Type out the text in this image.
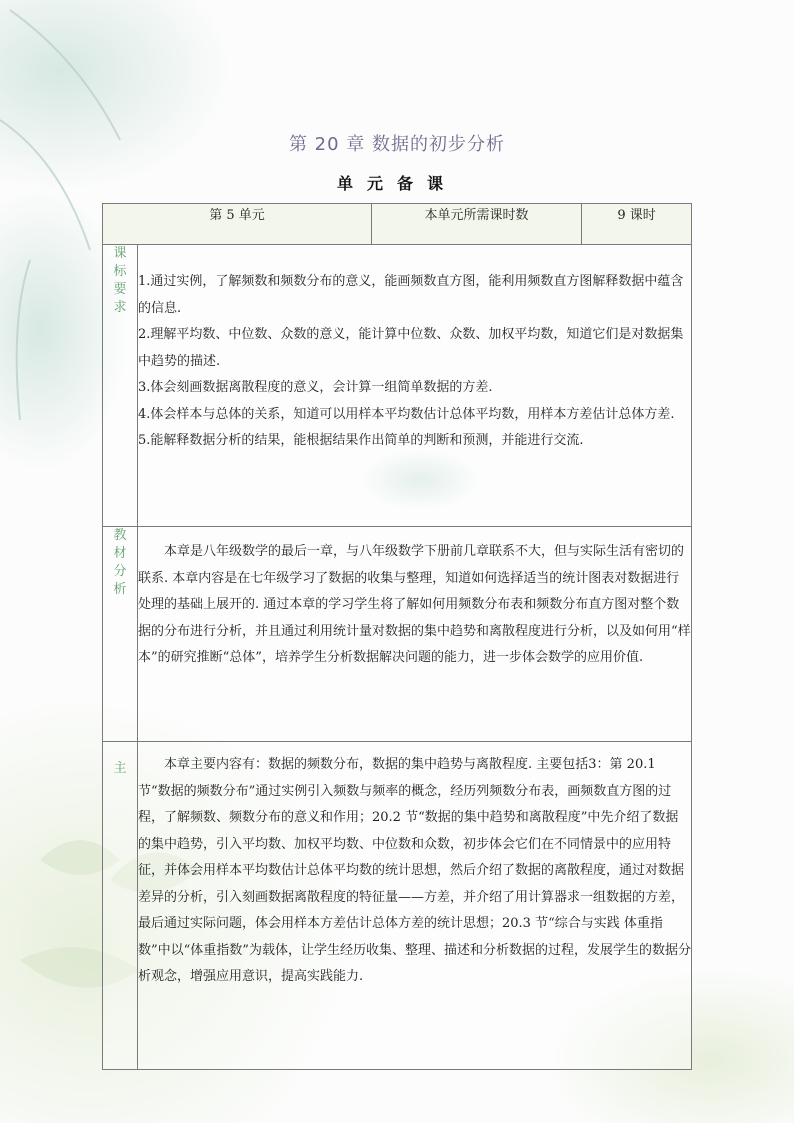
第 20 章 数据的初步分析
单元备课
第 5 单元		本单元所需课时数	9 课时
课标要求	1.通过实例，了解频数和频数分布的意义，能画频数直方图，能利用频数直方图解释数据中蕴含的信息.

2.理解平均数、中位数、众数的意义，能计算中位数、众数、加权平均数，知道它们是对数据集中趋势的描述.

3.体会刻画数据离散程度的意义，会计算一组简单数据的方差.

4.体会样本与总体的关系，知道可以用样本平均数估计总体平均数，用样本方差估计总体方差.

5.能解释数据分析的结果，能根据结果作出简单的判断和预测，并能进行交流.		

教材分析	本章是八年级数学的最后一章，与八年级数学下册前几章联系不大，但与实际生活有密切的联系. 本章内容是在七年级学习了数据的收集与整理，知道如何选择适当的统计图表对数据进行处理的基础上展开的. 通过本章的学习学生将了解如何用频数分布表和频数分布直方图对整个数据的分布进行分析，并且通过利用统计量对数据的集中趋势和离散程度进行分析，以及如何用“样本”的研究推断“总体”，培养学生分析数据解决问题的能力，进一步体会数学的应用价值.		

主	本章主要内容有：数据的频数分布，数据的集中趋势与离散程度. 主要包括3：第 20.1 节“数据的频数分布”通过实例引入频数与频率的概念，经历列频数分布表，画频数直方图的过程，了解频数、频数分布的意义和作用；20.2 节“数据的集中趋势和离散程度”中先介绍了数据的集中趋势，引入平均数、加权平均数、中位数和众数，初步体会它们在不同情景中的应用特征，并体会用样本平均数估计总体平均数的统计思想，然后介绍了数据的离散程度，通过对数据差异的分析，引入刻画数据离散程度的特征量——方差，并介绍了用计算器求一组数据的方差，最后通过实际问题，体会用样本方差估计总体方差的统计思想；20.3 节“综合与实践 体重指数”中以“体重指数”为载体，让学生经历收集、整理、描述和分析数据的过程，发展学生的数据分析观念，增强应用意识，提高实践能力.		
